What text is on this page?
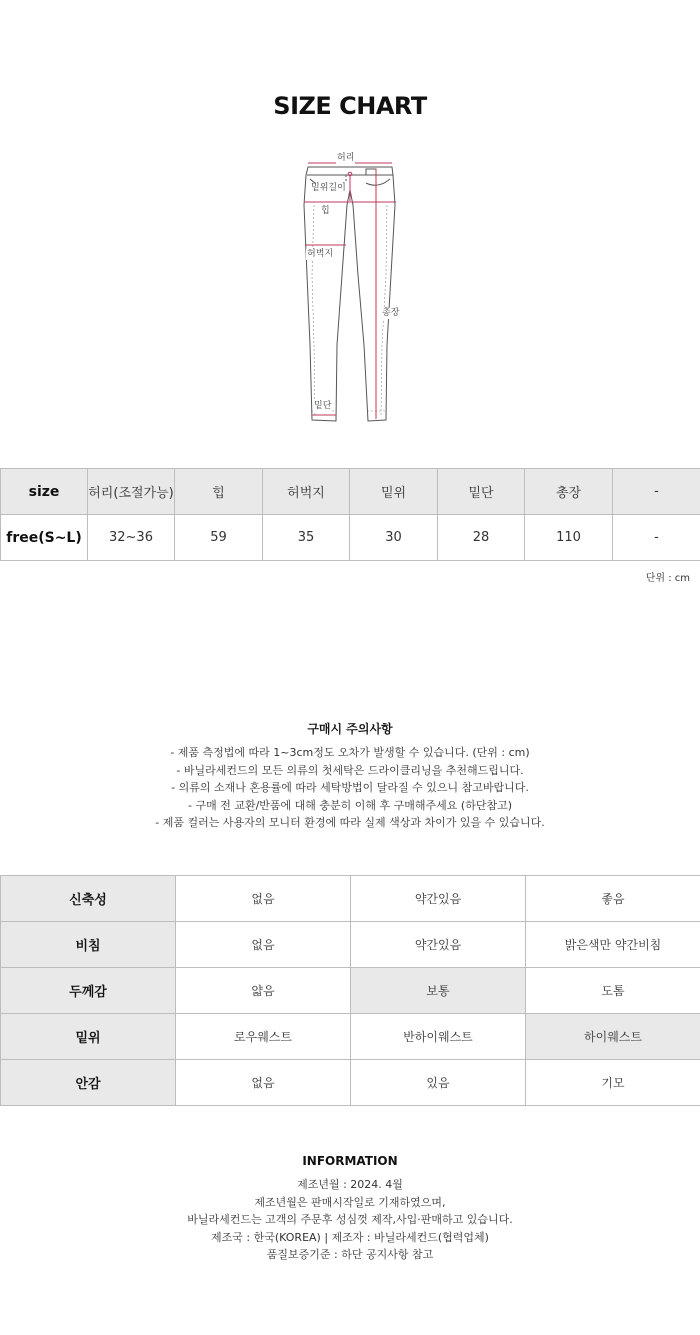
SIZE CHART
허리
밑위길이
힙
허벅지
총장
밑단
size	허리(조절가능)	힙	허벅지	밑위	밑단	총장	-
free(S~L)	32~36	59	35	30	28	110	-
단위 : cm
구매시 주의사항
- 제품 측정법에 따라 1~3cm정도 오차가 발생할 수 있습니다. (단위 : cm)
- 바닐라세컨드의 모든 의류의 첫세탁은 드라이클리닝을 추천해드립니다.
- 의류의 소재나 혼용률에 따라 세탁방법이 달라질 수 있으니 참고바랍니다.
- 구매 전 교환/반품에 대해 충분히 이해 후 구매해주세요 (하단참고)
- 제품 컬러는 사용자의 모니터 환경에 따라 실제 색상과 차이가 있을 수 있습니다.
신축성	없음	약간있음	좋음
비침	없음	약간있음	밝은색만 약간비침
두께감	얇음	보통	도톰
밑위	로우웨스트	반하이웨스트	하이웨스트
안감	없음	있음	기모
INFORMATION
제조년월 : 2024. 4월
제조년월은 판매시작일로 기재하였으며,
바닐라세컨드는 고객의 주문후 성심껏 제작,사입·판매하고 있습니다.
제조국 : 한국(KOREA) | 제조자 : 바닐라세컨드(협력업체)
품질보증기준 : 하단 공지사항 참고
